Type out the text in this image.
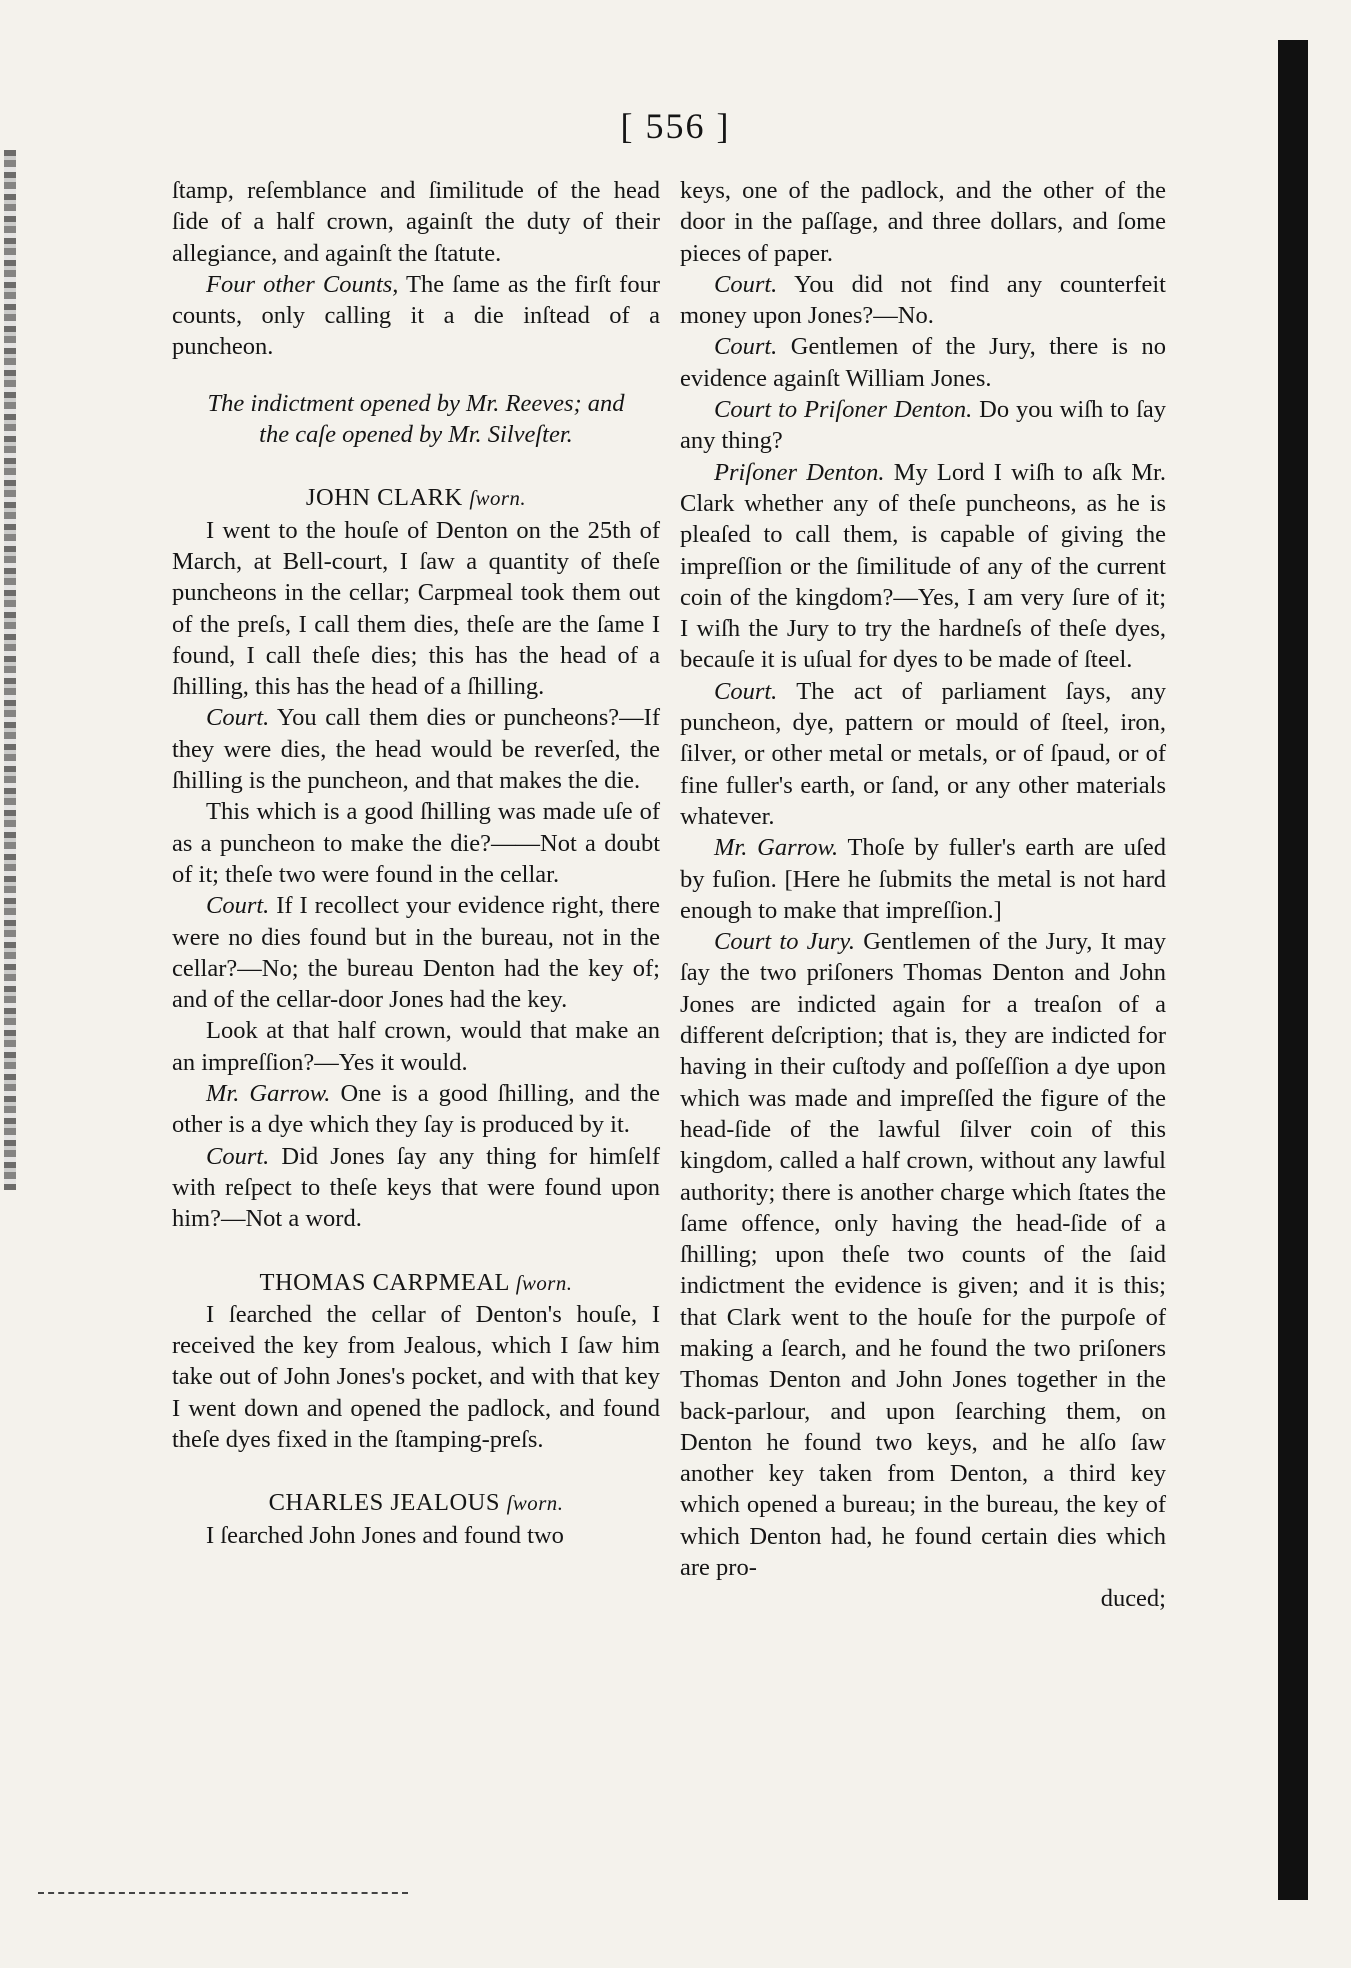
[ 556 ]

ſtamp, reſemblance and ſimilitude of the head ſide of a half crown, againſt the duty of their allegiance, and againſt the ſtatute.

Four other Counts, The ſame as the firſt four counts, only calling it a die inſtead of a puncheon.

The indictment opened by Mr. Reeves; and
the caſe opened by Mr. Silveſter.
JOHN CLARK ſworn.

I went to the houſe of Denton on the 25th of March, at Bell-court, I ſaw a quantity of theſe puncheons in the cellar; Carpmeal took them out of the preſs, I call them dies, theſe are the ſame I found, I call theſe dies; this has the head of a ſhilling, this has the head of a ſhilling.

Court. You call them dies or puncheons?—If they were dies, the head would be reverſed, the ſhilling is the puncheon, and that makes the die.

This which is a good ſhilling was made uſe of as a puncheon to make the die?——Not a doubt of it; theſe two were found in the cellar.

Court. If I recollect your evidence right, there were no dies found but in the bureau, not in the cellar?—No; the bureau Denton had the key of; and of the cellar-door Jones had the key.

Look at that half crown, would that make an an impreſſion?—Yes it would.

Mr. Garrow. One is a good ſhilling, and the other is a dye which they ſay is produced by it.

Court. Did Jones ſay any thing for himſelf with reſpect to theſe keys that were found upon him?—Not a word.

THOMAS CARPMEAL ſworn.

I ſearched the cellar of Denton's houſe, I received the key from Jealous, which I ſaw him take out of John Jones's pocket, and with that key I went down and opened the padlock, and found theſe dyes fixed in the ſtamping-preſs.

CHARLES JEALOUS ſworn.

I ſearched John Jones and found two

keys, one of the padlock, and the other of the door in the paſſage, and three dollars, and ſome pieces of paper.

Court. You did not find any counterfeit money upon Jones?—No.

Court. Gentlemen of the Jury, there is no evidence againſt William Jones.

Court to Priſoner Denton. Do you wiſh to ſay any thing?

Priſoner Denton. My Lord I wiſh to aſk Mr. Clark whether any of theſe puncheons, as he is pleaſed to call them, is capable of giving the impreſſion or the ſimilitude of any of the current coin of the kingdom?—Yes, I am very ſure of it; I wiſh the Jury to try the hardneſs of theſe dyes, becauſe it is uſual for dyes to be made of ſteel.

Court. The act of parliament ſays, any puncheon, dye, pattern or mould of ſteel, iron, ſilver, or other metal or metals, or of ſpaud, or of fine fuller's earth, or ſand, or any other materials whatever.

Mr. Garrow. Thoſe by fuller's earth are uſed by fuſion. [Here he ſubmits the metal is not hard enough to make that impreſſion.]

Court to Jury. Gentlemen of the Jury, It may ſay the two priſoners Thomas Denton and John Jones are indicted again for a treaſon of a different deſcription; that is, they are indicted for having in their cuſtody and poſſeſſion a dye upon which was made and impreſſed the figure of the head-ſide of the lawful ſilver coin of this kingdom, called a half crown, without any lawful authority; there is another charge which ſtates the ſame offence, only having the head-ſide of a ſhilling; upon theſe two counts of the ſaid indictment the evidence is given; and it is this; that Clark went to the houſe for the purpoſe of making a ſearch, and he found the two priſoners Thomas Denton and John Jones together in the back-parlour, and upon ſearching them, on Denton he found two keys, and he alſo ſaw another key taken from Denton, a third key which opened a bureau; in the bureau, the key of which Denton had, he found certain dies which are pro-

duced;
